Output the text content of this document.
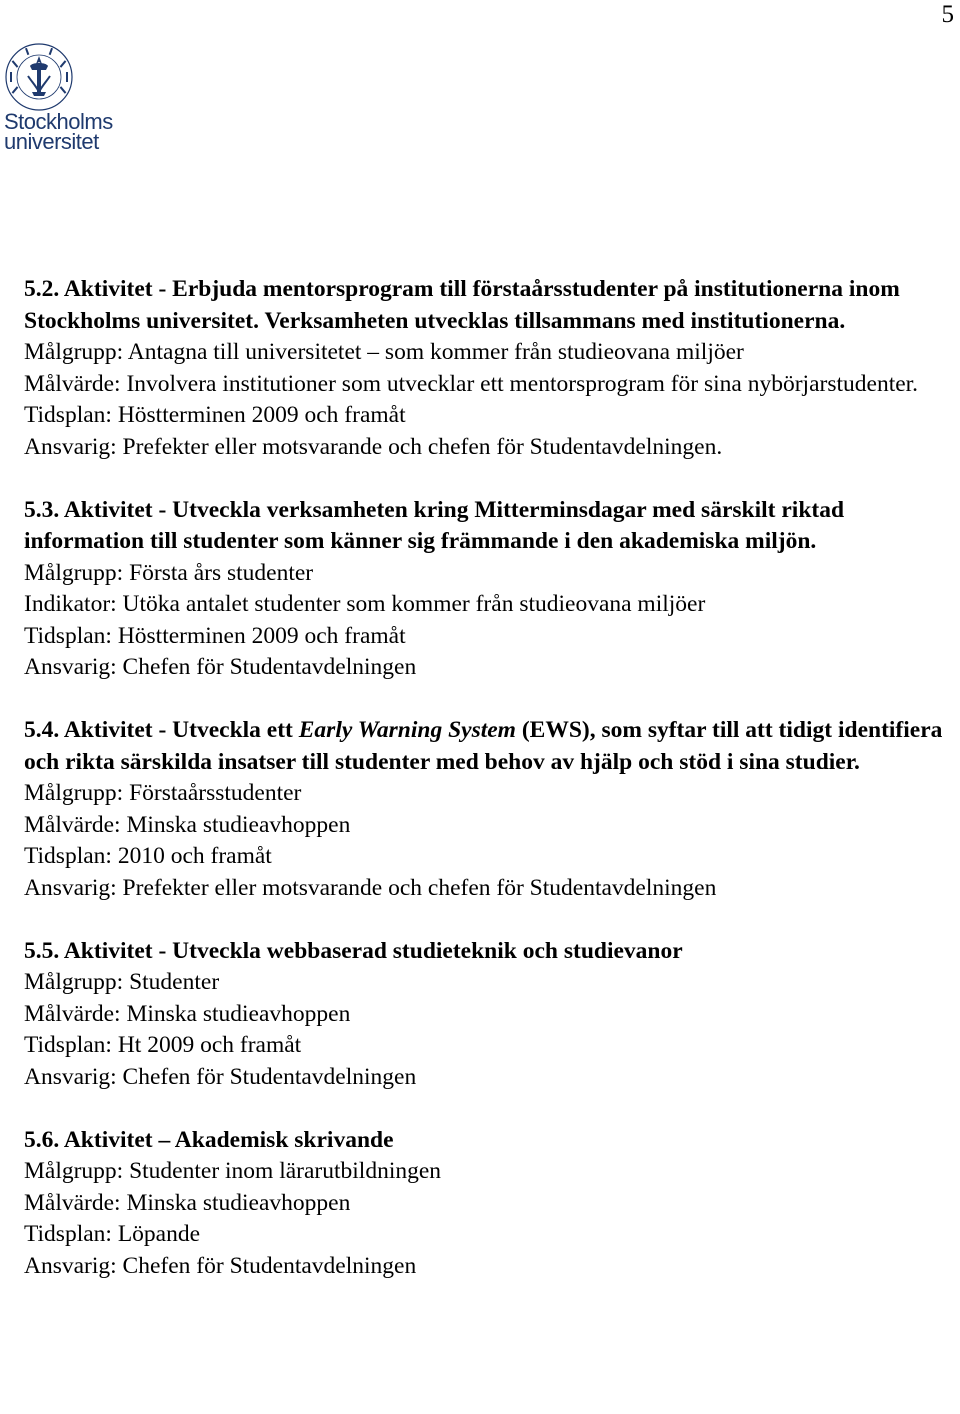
5
Stockholms
universitet

5.2. Aktivitet - Erbjuda mentorsprogram till förstaårsstudenter på institutionerna inom Stockholms universitet. Verksamheten utvecklas tillsammans med institutionerna.

Målgrupp: Antagna till universitetet – som kommer från studieovana miljöer

Målvärde: Involvera institutioner som utvecklar ett mentorsprogram för sina nybörjarstudenter.

Tidsplan: Höstterminen 2009 och framåt

Ansvarig: Prefekter eller motsvarande och chefen för Studentavdelningen.

5.3. Aktivitet - Utveckla verksamheten kring Mitterminsdagar med särskilt riktad information till studenter som känner sig främmande i den akademiska miljön.

Målgrupp: Första års studenter

Indikator: Utöka antalet studenter som kommer från studieovana miljöer

Tidsplan: Höstterminen 2009 och framåt

Ansvarig: Chefen för Studentavdelningen

5.4. Aktivitet - Utveckla ett Early Warning System (EWS), som syftar till att tidigt identifiera och rikta särskilda insatser till studenter med behov av hjälp och stöd i sina studier.

Målgrupp: Förstaårsstudenter

Målvärde: Minska studieavhoppen

Tidsplan: 2010 och framåt

Ansvarig: Prefekter eller motsvarande och chefen för Studentavdelningen

5.5. Aktivitet - Utveckla webbaserad studieteknik och studievanor

Målgrupp: Studenter

Målvärde: Minska studieavhoppen

Tidsplan: Ht 2009 och framåt

Ansvarig: Chefen för Studentavdelningen

5.6. Aktivitet – Akademisk skrivande

Målgrupp: Studenter inom lärarutbildningen

Målvärde: Minska studieavhoppen

Tidsplan: Löpande

Ansvarig: Chefen för Studentavdelningen
